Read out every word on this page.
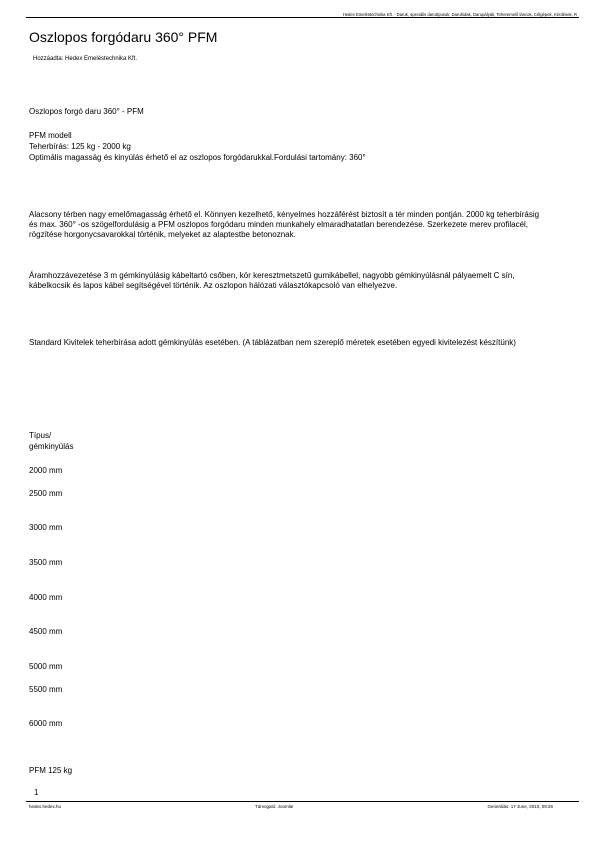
Hedex Emeléstechnika Kft. - Daruk, speciális darutípusok, Daruhidak, Darupályák, Teheremelő láncok, Célgépek, Kérdések, R
Oszlopos forgódaru 360° PFM
Hozzáadta: Hedex Emeléstechnika Kft.
Oszlopos forgó daru 360° - PFM
PFM modell
Teherbírás: 125 kg - 2000 kg
Optimális magasság és kinyúlás érhető el az oszlopos forgódarukkal.Fordulási tartomány: 360°
Alacsony térben nagy emelőmagasság érhető el. Könnyen kezelhető, kényelmes hozzáférést biztosít a tér minden pontján. 2000 kg teherbírásig és max. 360° -os szögelfordulásig a PFM oszlopos forgódaru minden munkahely elmaradhatatlan berendezése. Szerkezete merev profilacél, rögzítése horgonycsavarokkal történik, melyeket az alaptestbe betonoznak.
Áramhozzávezetése 3 m gémkinyúlásig kábeltartó csőben, kör keresztmetszetű gumikábellel, nagyobb gémkinyúlásnál pályaemelt C sín, kábelkocsik és lapos kábel segítségével történik. Az oszlopon hálózati választókapcsoló van elhelyezve.
Standard Kivitelek teherbírása adott gémkinyúlás esetében. (A táblázatban nem szereplő méretek esetében egyedi kivitelezést készítünk)
Típus/
gémkinyúlás
2000 mm
2500 mm
3000 mm
3500 mm
4000 mm
4500 mm
5000 mm
5500 mm
6000 mm
PFM 125 kg
1
hedex.hedex.hu	Támogató: Joomla!	Generálás: 17 June, 2010, 09:26
